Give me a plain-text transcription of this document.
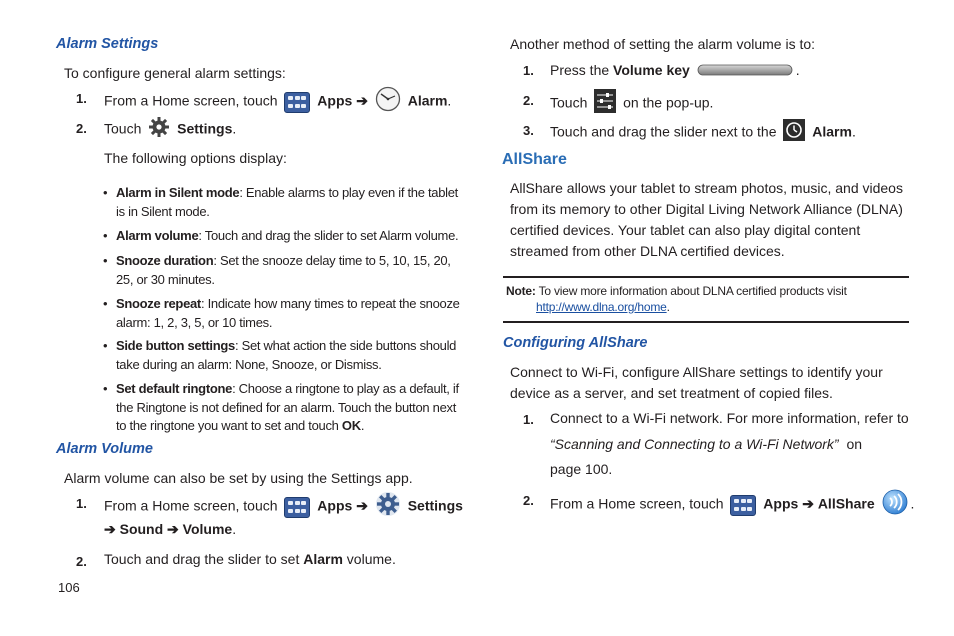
Alarm Settings
To configure general alarm settings:
1. From a Home screen, touch	Apps ➔	Alarm.
2. Touch	Settings.
The following options display:
• Alarm in Silent mode: Enable alarms to play even if the tablet is in Silent mode.
• Alarm volume: Touch and drag the slider to set Alarm volume.
• Snooze duration: Set the snooze delay time to 5, 10, 15, 20, 25, or 30 minutes.
• Snooze repeat: Indicate how many times to repeat the snooze alarm: 1, 2, 3, 5, or 10 times.
• Side button settings: Set what action the side buttons should take during an alarm: None, Snooze, or Dismiss.
• Set default ringtone: Choose a ringtone to play as a default, if the Ringtone is not defined for an alarm. Touch the button next to the ringtone you want to set and touch OK.
Alarm Volume
Alarm volume can also be set by using the Settings app.
1. From a Home screen, touch	Apps ➔	Settings
➔ Sound ➔ Volume.
2. Touch and drag the slider to set Alarm volume.
106
Another method of setting the alarm volume is to:
1. Press the Volume key	.
2. Touch	on the pop-up.
3. Touch and drag the slider next to the	Alarm.
AllShare
AllShare allows your tablet to stream photos, music, and videos from its memory to other Digital Living Network Alliance (DLNA) certified devices. Your tablet can also play digital content streamed from other DLNA certified devices.
Note: To view more information about DLNA certified products visit
http://www.dlna.org/home.
Configuring AllShare
Connect to Wi-Fi, configure AllShare settings to identify your device as a server, and set treatment of copied files.
1. Connect to a Wi-Fi network. For more information, refer to
“Scanning and Connecting to a Wi-Fi Network” on
page 100.
2. From a Home screen, touch	Apps ➔ AllShare	.
